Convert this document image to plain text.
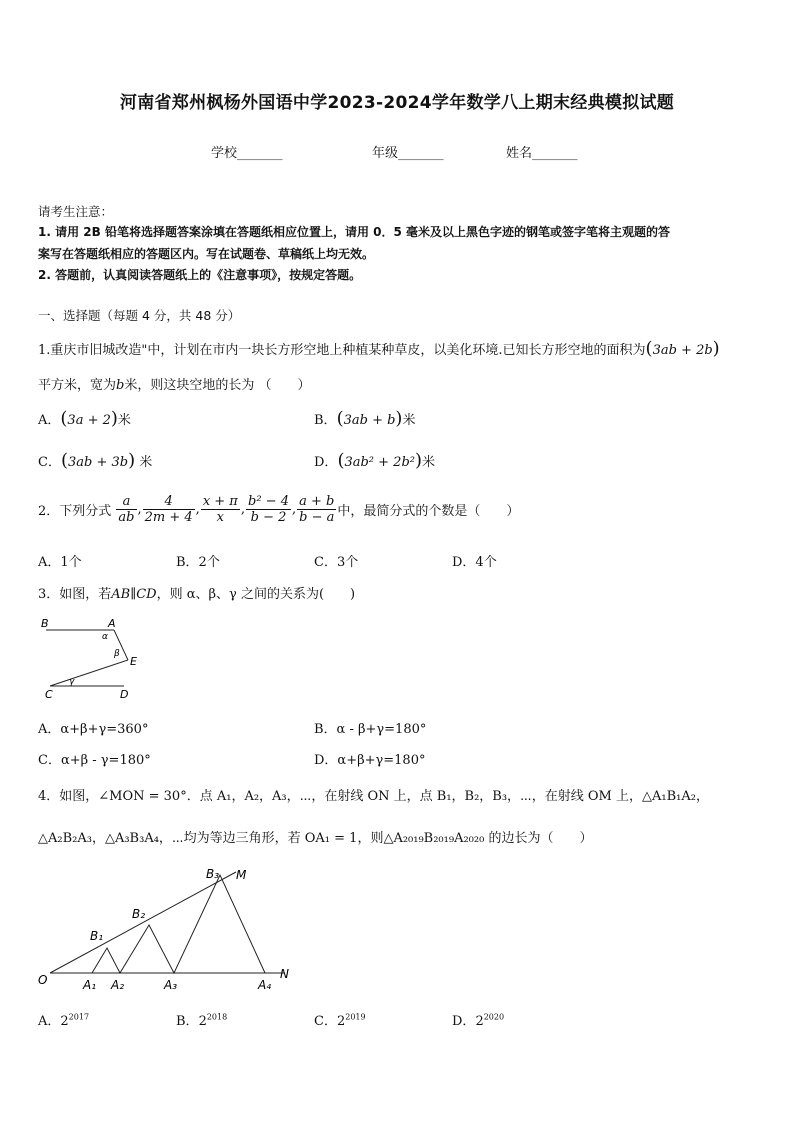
河南省郑州枫杨外国语中学2023-2024学年数学八上期末经典模拟试题
学校_______	年级_______	姓名_______
请考生注意：
1. 请用 2B 铅笔将选择题答案涂填在答题纸相应位置上，请用 0．5 毫米及以上黑色字迹的钢笔或签字笔将主观题的答
案写在答题纸相应的答题区内。写在试题卷、草稿纸上均无效。
2. 答题前，认真阅读答题纸上的《注意事项》，按规定答题。
一、选择题（每题 4 分，共 48 分）
1.重庆市旧城改造"中，计划在市内一块长方形空地上种植某种草皮，以美化环境.已知长方形空地的面积为(3ab + 2b)
平方米，宽为b米，则这块空地的长为 （　　）
A．(3a + 2)米	B．(3ab + b)米
C．(3ab + 3b) 米	D．(3ab² + 2b²)米
2．下列分式 $\frac{a}{ab}$ , $\frac{4}{2m + 4}$ , $\frac{x + \pi}{x}$ , $\frac{\text{b² − 4}}{b - 2}$ , $\frac{a + b}{b - a}$ 中，最简分式的个数是（　　）
A．1个	B．2个	C．3个	D．4个
3．如图，若AB∥CD，则 α、β、γ 之间的关系为(　　)
B	A
α
β
E
γ
C	D
A．α+β+γ=360°	B．α - β+γ=180°
C．α+β - γ=180°	D．α+β+γ=180°
4．如图，∠MON = 30°．点 A₁，A₂，A₃，⋯，在射线 ON 上，点 B₁，B₂，B₃，⋯，在射线 OM 上，△A₁B₁A₂，
△A₂B₂A₃，△A₃B₃A₄，⋯均为等边三角形，若 OA₁ = 1，则△A₂₀₁₉B₂₀₁₉A₂₀₂₀ 的边长为（　　）
O
M
N
A₁ A₂	A₃	A₄
B₁
B₂
B₃
A．$2^{2017}$	B．$2^{2018}$	C．$2^{2019}$	D．$2^{2020}$
